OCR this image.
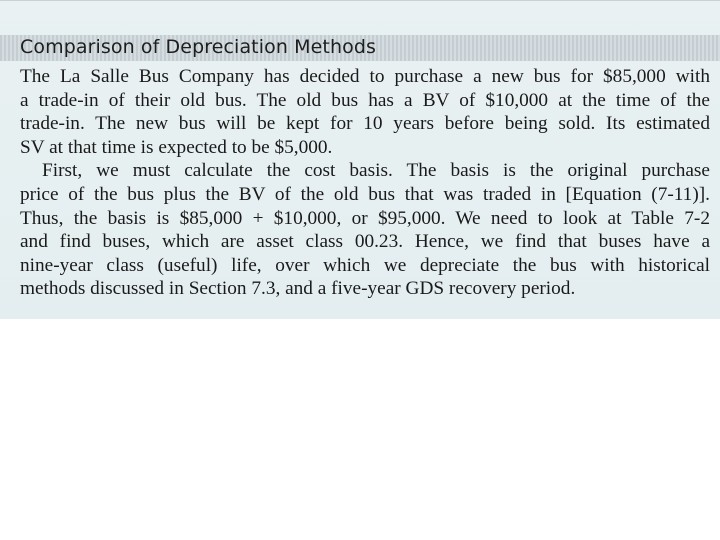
Comparison of Depreciation Methods
The La Salle Bus Company has decided to purchase a new bus for $85,000 with
a trade-in of their old bus. The old bus has a BV of $10,000 at the time of the
trade-in. The new bus will be kept for 10 years before being sold. Its estimated
SV at that time is expected to be $5,000.
First, we must calculate the cost basis. The basis is the original purchase
price of the bus plus the BV of the old bus that was traded in [Equation (7-11)].
Thus, the basis is $85,000 + $10,000, or $95,000. We need to look at Table 7-2
and find buses, which are asset class 00.23. Hence, we find that buses have a
nine-year class (useful) life, over which we depreciate the bus with historical
methods discussed in Section 7.3, and a five-year GDS recovery period.
